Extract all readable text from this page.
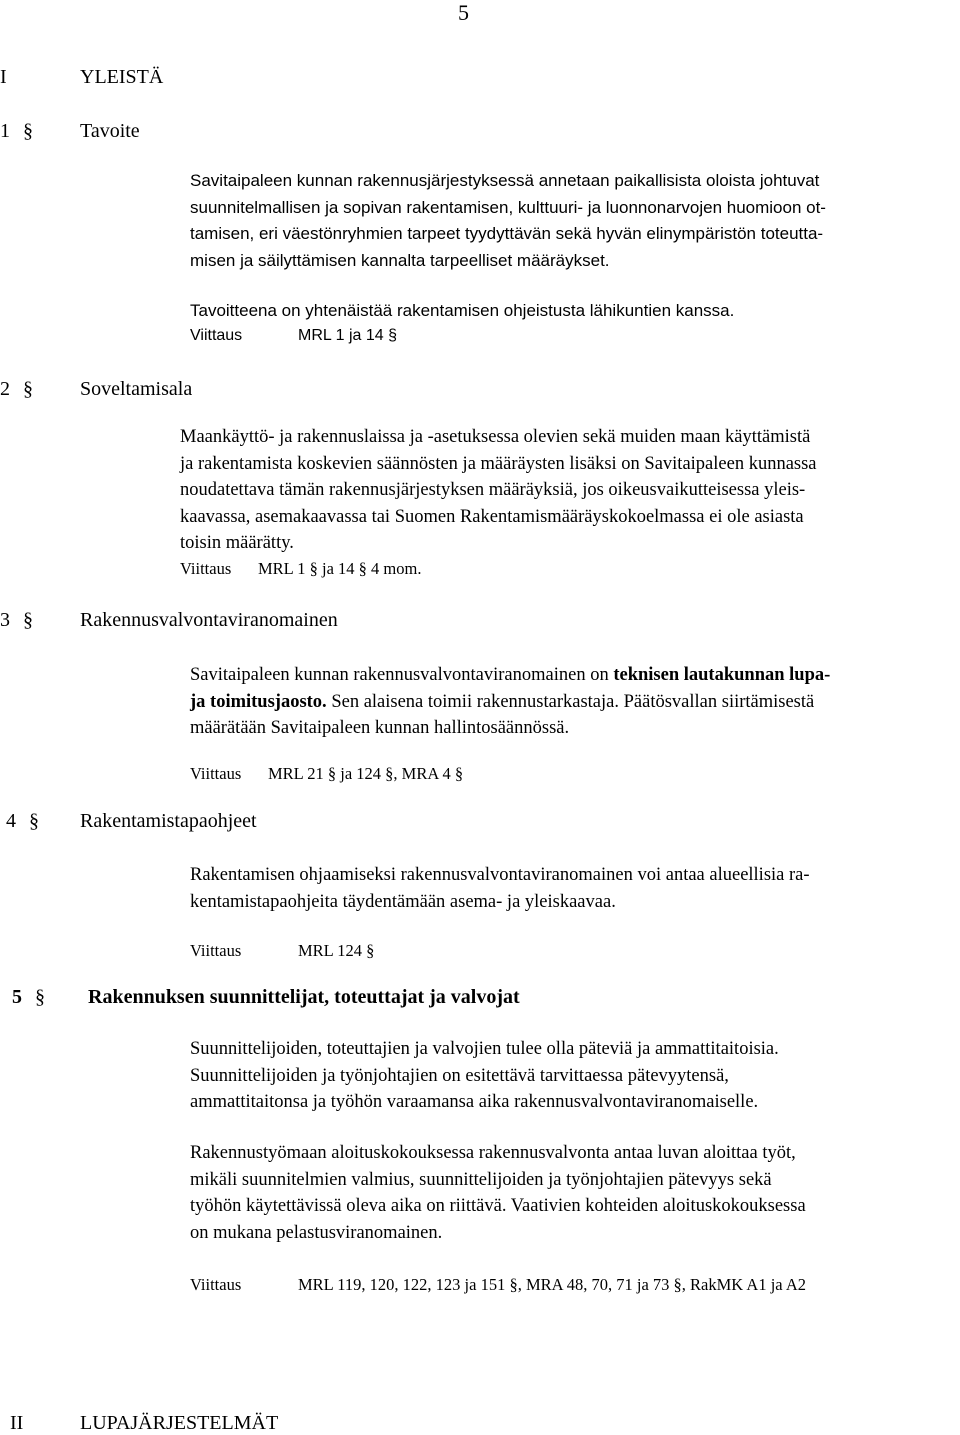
5
I	YLEISTÄ
1 § Tavoite
Savitaipaleen kunnan rakennusjärjestyksessä annetaan paikallisista oloista johtuvat
suunnitelmallisen ja sopivan rakentamisen, kulttuuri- ja luonnonarvojen huomioon ot-
tamisen, eri väestönryhmien tarpeet tyydyttävän sekä hyvän elinympäristön toteutta-
misen ja säilyttämisen kannalta tarpeelliset määräykset.
Tavoitteena on yhtenäistää rakentamisen ohjeistusta lähikuntien kanssa.
Viittaus	MRL 1 ja 14 §
2 § Soveltamisala
Maankäyttö- ja rakennuslaissa ja -asetuksessa olevien sekä muiden maan käyttämistä
ja rakentamista koskevien säännösten ja määräysten lisäksi on Savitaipaleen kunnassa
noudatettava tämän rakennusjärjestyksen määräyksiä, jos oikeusvaikutteisessa yleis-
kaavassa, asemakaavassa tai Suomen Rakentamismääräyskokoelmassa ei ole asiasta
toisin määrätty.
Viittaus MRL 1 § ja 14 § 4 mom.
3 § Rakennusvalvontaviranomainen
Savitaipaleen kunnan rakennusvalvontaviranomainen on teknisen lautakunnan lupa-
ja toimitusjaosto. Sen alaisena toimii rakennustarkastaja. Päätösvallan siirtämisestä
määrätään Savitaipaleen kunnan hallintosäännössä.
Viittaus MRL 21 § ja 124 §, MRA 4 §
4 § Rakentamistapaohjeet
Rakentamisen ohjaamiseksi rakennusvalvontaviranomainen voi antaa alueellisia ra-
kentamistapaohjeita täydentämään asema- ja yleiskaavaa.
Viittaus	MRL 124 §
5 § Rakennuksen suunnittelijat, toteuttajat ja valvojat
Suunnittelijoiden, toteuttajien ja valvojien tulee olla päteviä ja ammattitaitoisia.
Suunnittelijoiden ja työnjohtajien on esitettävä tarvittaessa pätevyytensä,
ammattitaitonsa ja työhön varaamansa aika rakennusvalvontaviranomaiselle.
Rakennustyömaan aloituskokouksessa rakennusvalvonta antaa luvan aloittaa työt,
mikäli suunnitelmien valmius, suunnittelijoiden ja työnjohtajien pätevyys sekä
työhön käytettävissä oleva aika on riittävä. Vaativien kohteiden aloituskokouksessa
on mukana pelastusviranomainen.
Viittaus	MRL 119, 120, 122, 123 ja 151 §, MRA 48, 70, 71 ja 73 §, RakMK A1 ja A2
II	LUPAJÄRJESTELMÄT
